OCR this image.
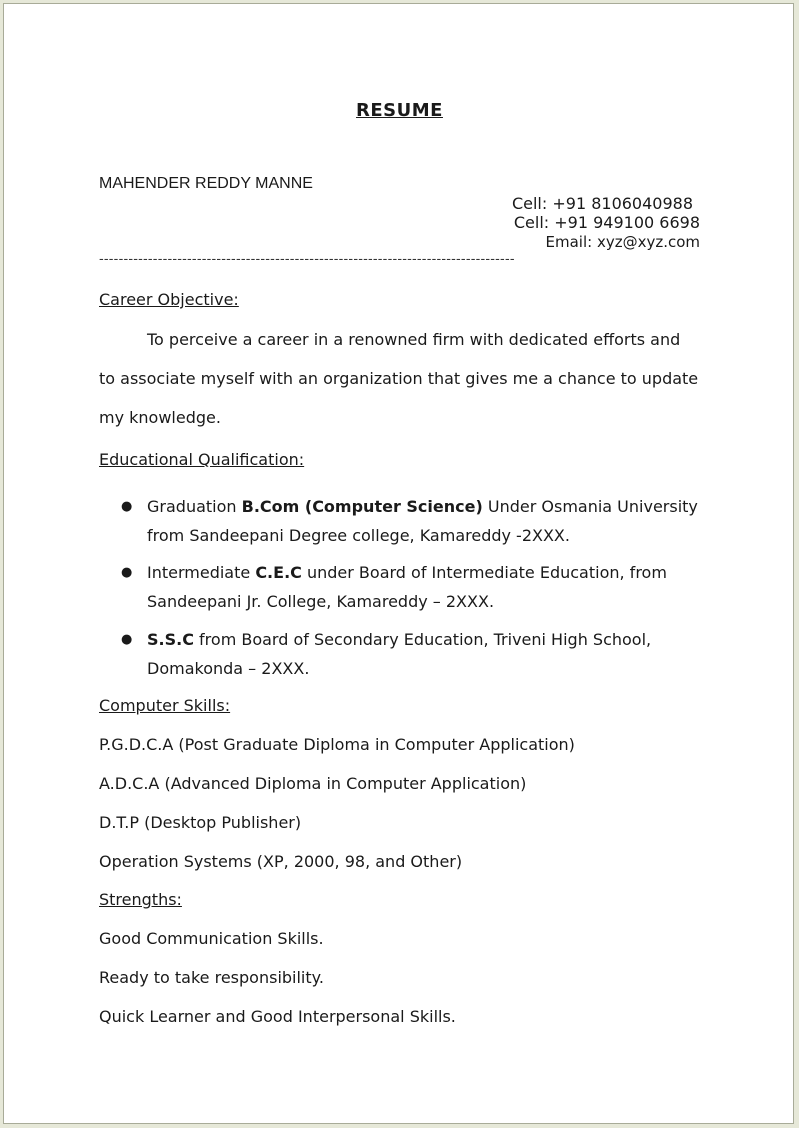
RESUME
MAHENDER REDDY MANNE
Cell: +91 8106040988
Cell: +91 949100 6698
Email: xyz@xyz.com
-------------------------------------------------------------------------------------
Career Objective:
To perceive a career in a renowned firm with dedicated efforts and
to associate myself with an organization that gives me a chance to update
my knowledge.
Educational Qualification:
● Graduation B.Com (Computer Science) Under Osmania University
from Sandeepani Degree college, Kamareddy -2XXX.
● Intermediate C.E.C under Board of Intermediate Education, from
Sandeepani Jr. College, Kamareddy – 2XXX.
● S.S.C from Board of Secondary Education, Triveni High School,
Domakonda – 2XXX.
Computer Skills:
P.G.D.C.A (Post Graduate Diploma in Computer Application)
A.D.C.A (Advanced Diploma in Computer Application)
D.T.P (Desktop Publisher)
Operation Systems (XP, 2000, 98, and Other)
Strengths:
Good Communication Skills.
Ready to take responsibility.
Quick Learner and Good Interpersonal Skills.
